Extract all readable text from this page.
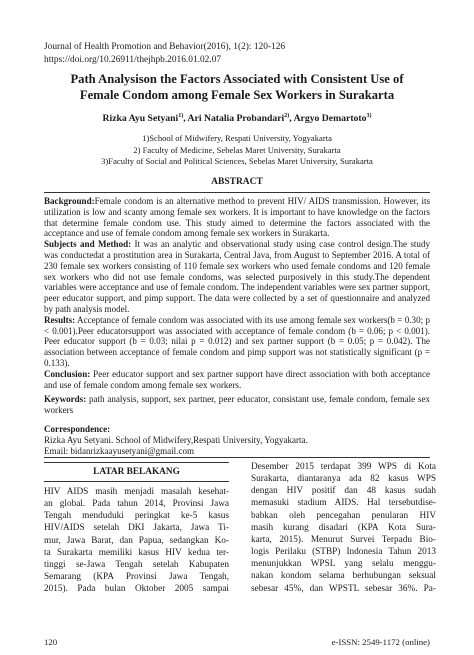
Journal of Health Promotion and Behavior(2016), 1(2): 120-126
https://doi.org/10.26911/thejhpb.2016.01.02.07
Path Analysison the Factors Associated with Consistent Use of
Female Condom among Female Sex Workers in Surakarta
Rizka Ayu Setyani$^{1)}$, Ari Natalia Probandari$^{2)}$, Argyo Demartoto$^{3)}$
1)School of Midwifery, Respati University, Yogyakarta
2) Faculty of Medicine, Sebelas Maret University, Surakarta
3)Faculty of Social and Political Sciences, Sebelas Maret University, Surakarta
ABSTRACT

Background:Female condom is an alternative method to prevent HIV/ AIDS transmission. However, its utilization is low and scanty among female sex workers. It is important to have knowledge on the factors that determine female condom use. This study aimed to determine the factors associated with the acceptance and use of female condom among female sex workers in Surakarta.

Subjects and Method: It was an analytic and observational study using case control design.The study was conductedat a prostitution area in Surakarta, Central Java, from August to September 2016. A total of 230 female sex workers consisting of 110 female sex workers who used female condoms and 120 female sex workers who did not use female condoms, was selected purposively in this study.The dependent variables were acceptance and use of female condom. The independent variables were sex partner support, peer educator support, and pimp support. The data were collected by a set of questionnaire and analyzed by path analysis model.

Results: Acceptance of female condom was associated with its use among female sex workers(b = 0.30; p < 0.001).Peer educatorsupport was associated with acceptance of female condom (b = 0.06; p < 0.001). Peer educator support (b = 0.03; nilai p = 0.012) and sex partner support (b = 0.05; p = 0.042). The association between acceptance of female condom and pimp support was not statistically significant (p = 0.133).

Conclusion: Peer educator support and sex partner support have direct association with both acceptance and use of female condom among female sex workers.

Keywords: path analysis, support, sex partner, peer educator, consistant use, female condom, female sex workers

Correspondence:
Rizka Ayu Setyani. School of Midwifery,Respati University, Yogyakarta.
Email: bidanrizkaayusetyani@gmail.com
LATAR BELAKANG
HIV AIDS masih menjadi masalah kesehat-
an global. Pada tahun 2014, Provinsi Jawa
Tengah menduduki peringkat ke-5 kasus
HIV/AIDS setelah DKI Jakarta, Jawa Ti-
mur, Jawa Barat, dan Papua, sedangkan Ko-
ta Surakarta memiliki kasus HIV kedua ter-
tinggi se-Jawa Tengah setelah Kabupaten
Semarang (KPA Provinsi Jawa Tengah,
2015). Pada bulan Oktober 2005 sampai
Desember 2015 terdapat 399 WPS di Kota
Surakarta, diantaranya ada 82 kasus WPS
dengan HIV positif dan 48 kasus sudah
memasuki stadium AIDS. Hal tersebutdise-
babkan oleh pencegahan penularan HIV
masih kurang disadari (KPA Kota Sura-
karta, 2015). Menurut Survei Terpadu Bio-
logis Perilaku (STBP) Indonesia Tahun 2013
menunjukkan WPSL yang selalu menggu-
nakan kondom selama berhubungan seksual
sebesar 45%, dan WPSTL sebesar 36%. Pa-
120	e-ISSN: 2549-1172 (online)
